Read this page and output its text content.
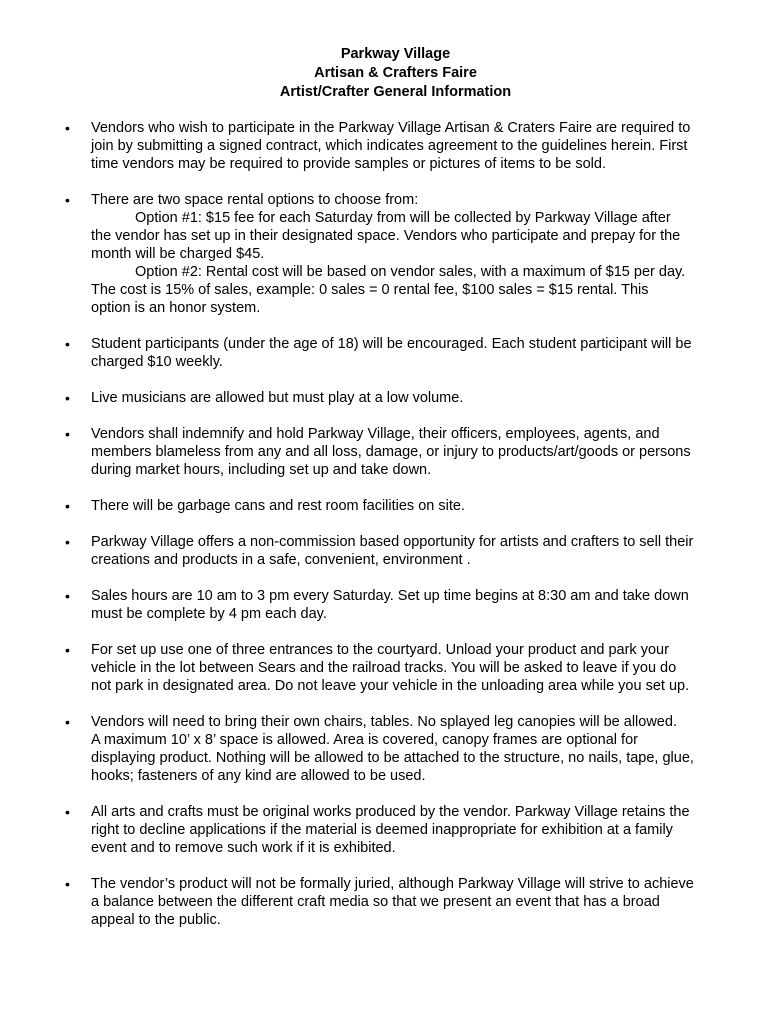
Parkway Village
Artisan & Crafters Faire
Artist/Crafter General Information
• Vendors who wish to participate in the Parkway Village Artisan & Craters Faire are required to
join by submitting a signed contract, which indicates agreement to the guidelines herein. First
time vendors may be required to provide samples or pictures of items to be sold.
• There are two space rental options to choose from:
Option #1: $15 fee for each Saturday from will be collected by Parkway Village after
the vendor has set up in their designated space. Vendors who participate and prepay for the
month will be charged $45.
Option #2: Rental cost will be based on vendor sales, with a maximum of $15 per day.
The cost is 15% of sales, example: 0 sales = 0 rental fee, $100 sales = $15 rental. This
option is an honor system.
• Student participants (under the age of 18) will be encouraged. Each student participant will be
charged $10 weekly.
• Live musicians are allowed but must play at a low volume.
• Vendors shall indemnify and hold Parkway Village, their officers, employees, agents, and
members blameless from any and all loss, damage, or injury to products/art/goods or persons
during market hours, including set up and take down.
• There will be garbage cans and rest room facilities on site.
• Parkway Village offers a non-commission based opportunity for artists and crafters to sell their
creations and products in a safe, convenient, environment .
• Sales hours are 10 am to 3 pm every Saturday. Set up time begins at 8:30 am and take down
must be complete by 4 pm each day.
• For set up use one of three entrances to the courtyard. Unload your product and park your
vehicle in the lot between Sears and the railroad tracks. You will be asked to leave if you do
not park in designated area. Do not leave your vehicle in the unloading area while you set up.
• Vendors will need to bring their own chairs, tables. No splayed leg canopies will be allowed.
A maximum 10’ x 8’ space is allowed. Area is covered, canopy frames are optional for
displaying product. Nothing will be allowed to be attached to the structure, no nails, tape, glue,
hooks; fasteners of any kind are allowed to be used.
• All arts and crafts must be original works produced by the vendor. Parkway Village retains the
right to decline applications if the material is deemed inappropriate for exhibition at a family
event and to remove such work if it is exhibited.
• The vendor’s product will not be formally juried, although Parkway Village will strive to achieve
a balance between the different craft media so that we present an event that has a broad
appeal to the public.
